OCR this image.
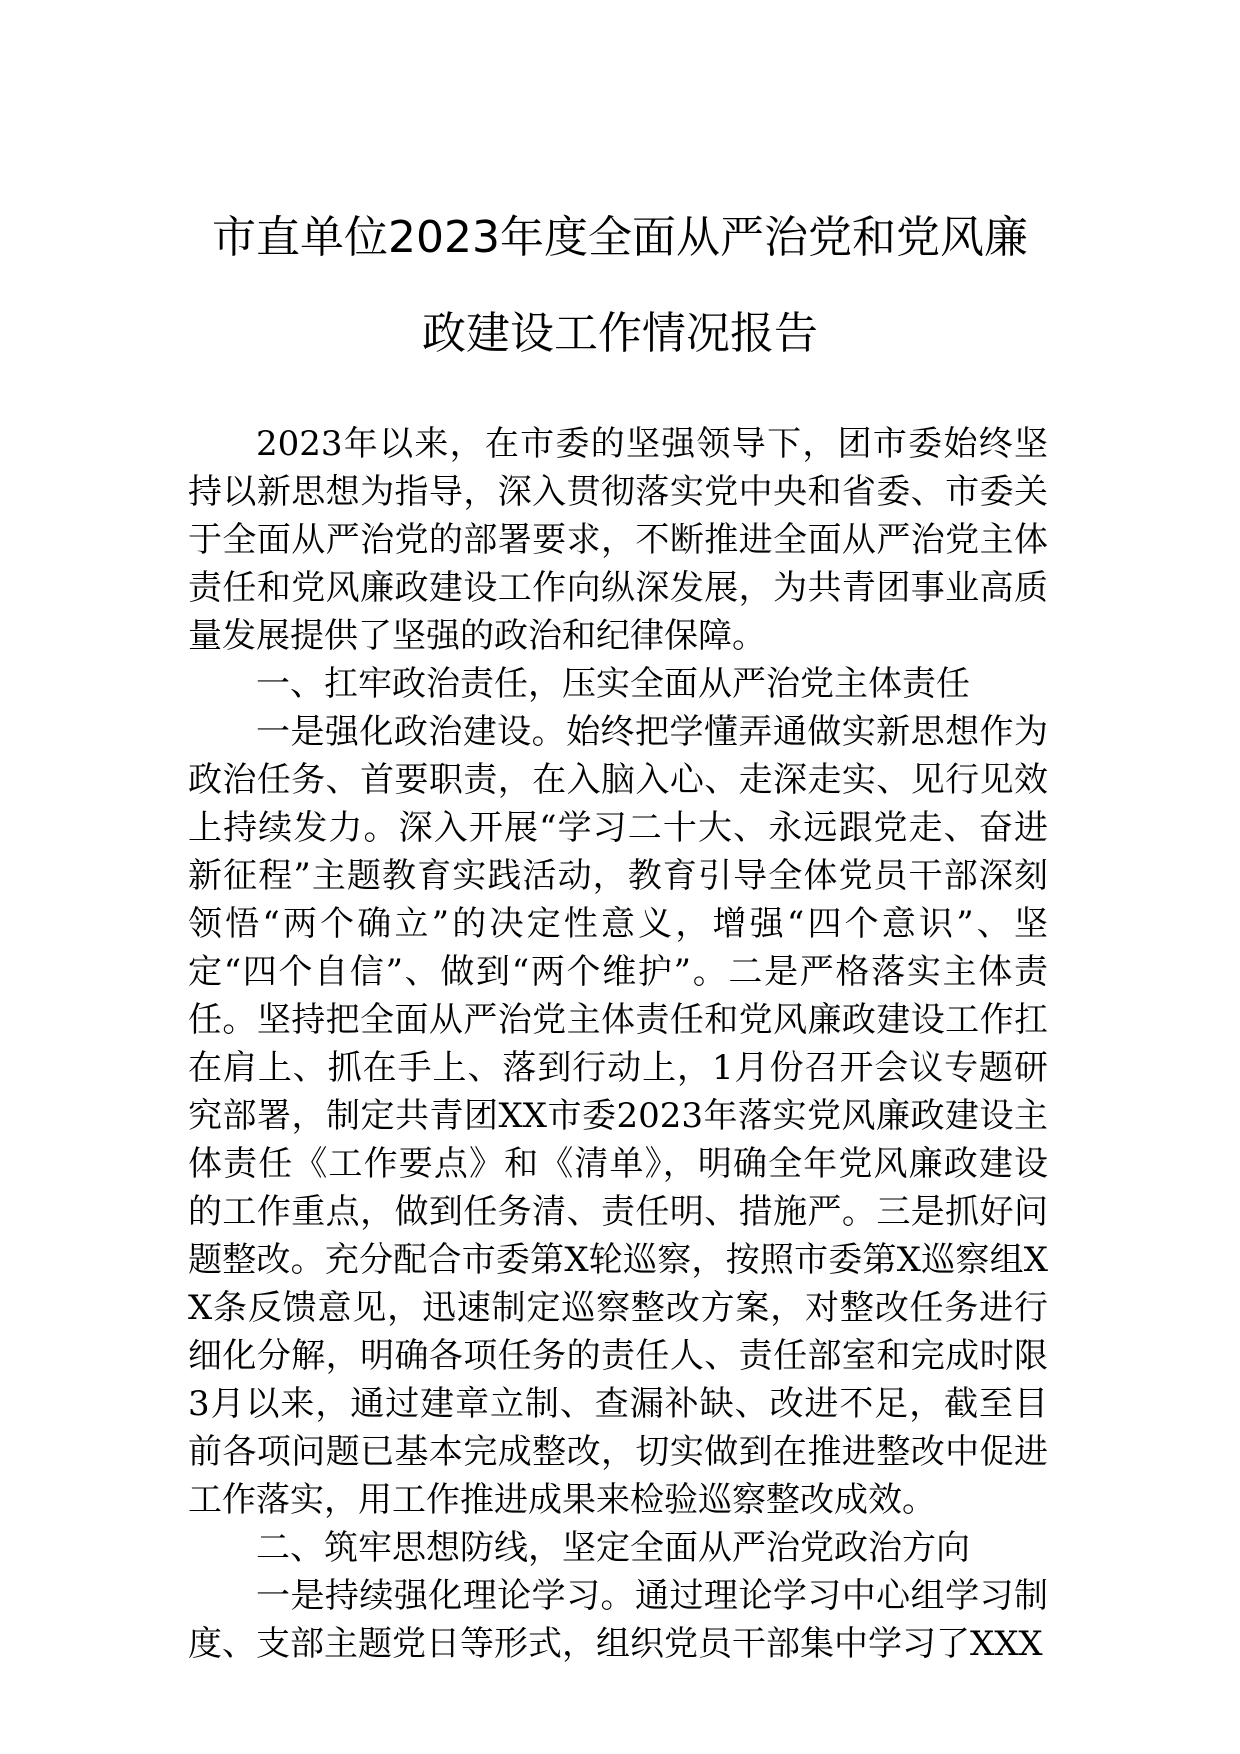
市直单位2023年度全面从严治党和党风廉
政建设工作情况报告

2023年以来，在市委的坚强领导下，团市委始终坚持以新思想为指导，深入贯彻落实党中央和省委、市委关于全面从严治党的部署要求，不断推进全面从严治党主体责任和党风廉政建设工作向纵深发展，为共青团事业高质量发展提供了坚强的政治和纪律保障。

一、扛牢政治责任，压实全面从严治党主体责任

一是强化政治建设。始终把学懂弄通做实新思想作为政治任务、首要职责，在入脑入心、走深走实、见行见效上持续发力。深入开展“学习二十大、永远跟党走、奋进新征程”主题教育实践活动，教育引导全体党员干部深刻领悟“两个确立”的决定性意义，增强“四个意识”、坚定“四个自信”、做到“两个维护”。二是严格落实主体责任。坚持把全面从严治党主体责任和党风廉政建设工作扛在肩上、抓在手上、落到行动上，1月份召开会议专题研究部署，制定共青团XX市委2023年落实党风廉政建设主体责任《工作要点》和《清单》，明确全年党风廉政建设的工作重点，做到任务清、责任明、措施严。三是抓好问题整改。充分配合市委第X轮巡察，按照市委第X巡察组XX条反馈意见，迅速制定巡察整改方案，对整改任务进行细化分解，明确各项任务的责任人、责任部室和完成时限3月以来，通过建章立制、查漏补缺、改进不足，截至目前各项问题已基本完成整改，切实做到在推进整改中促进工作落实，用工作推进成果来检验巡察整改成效。

二、筑牢思想防线，坚定全面从严治党政治方向

一是持续强化理论学习。通过理论学习中心组学习制度、支部主题党日等形式，组织党员干部集中学习了XXX
